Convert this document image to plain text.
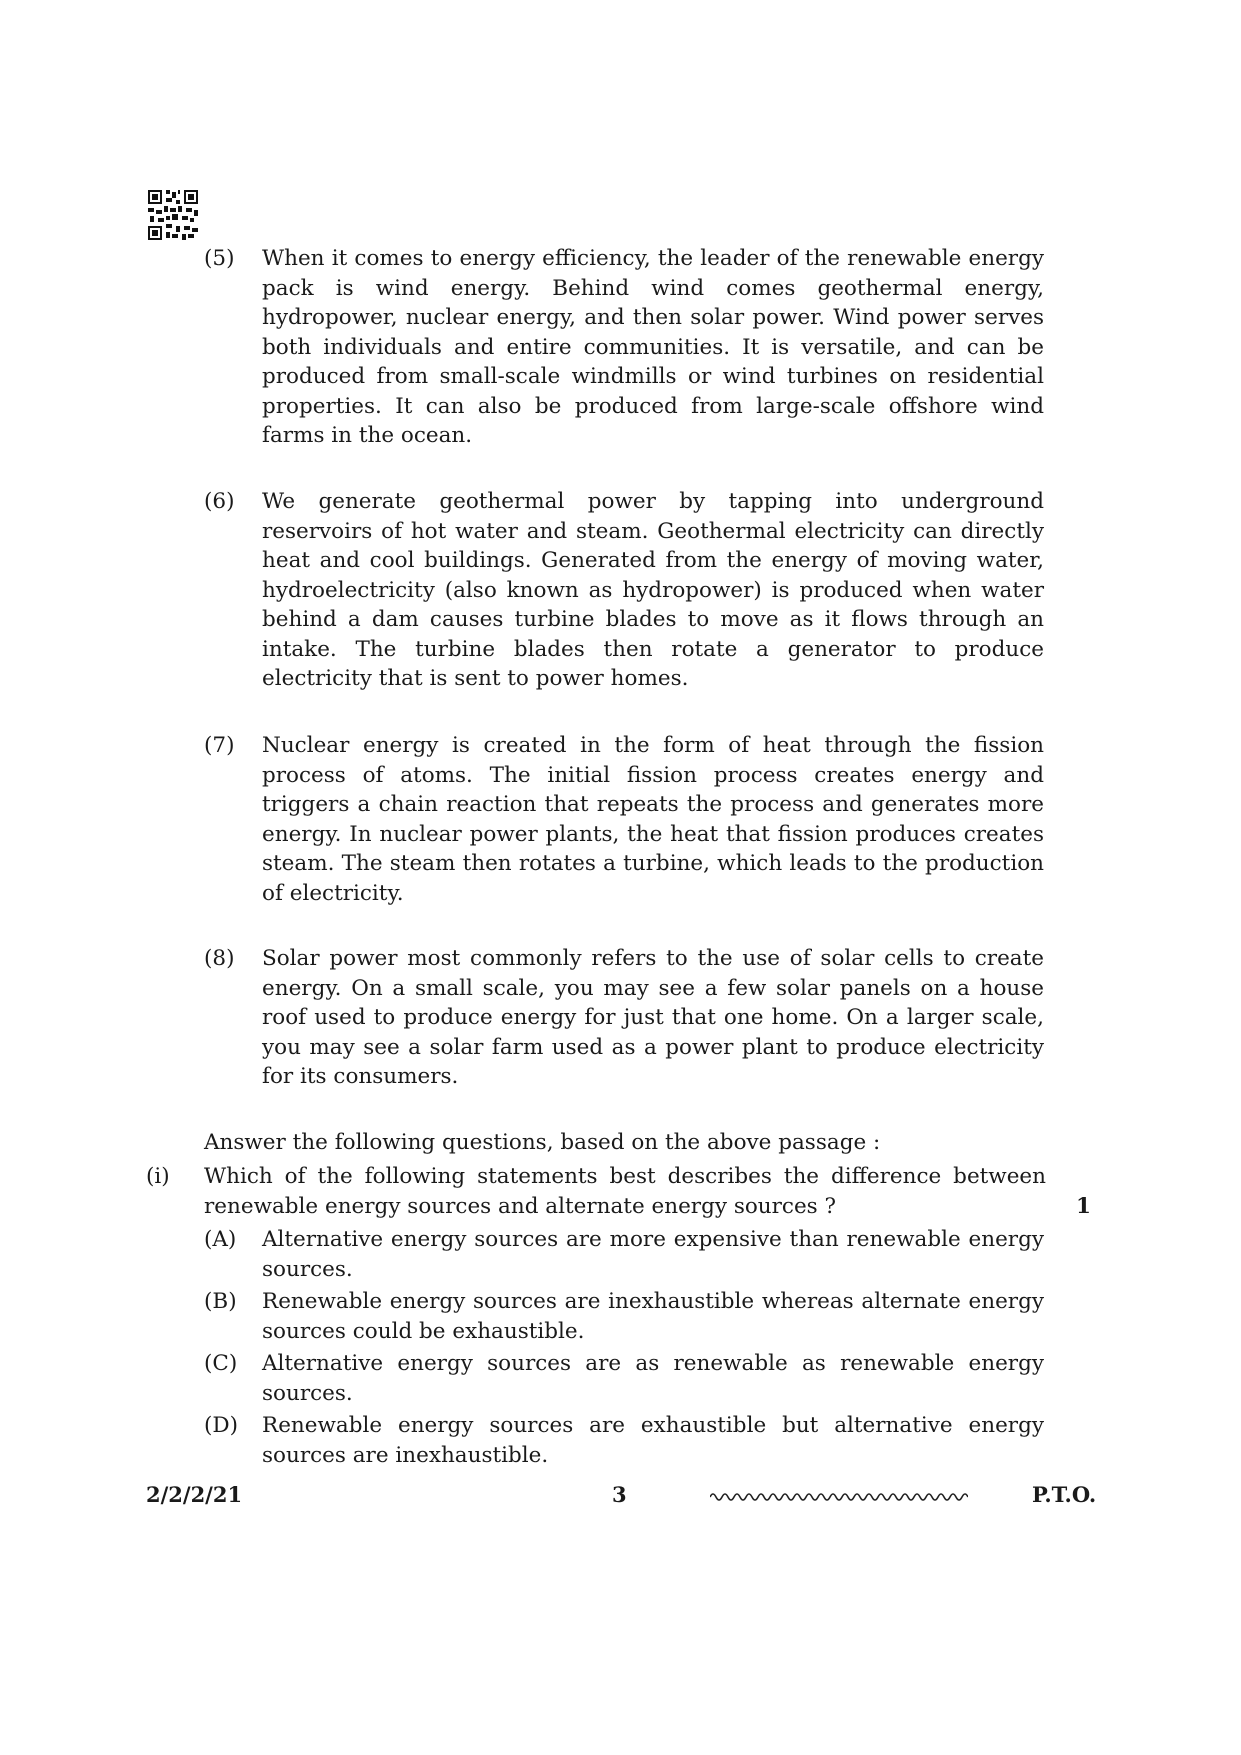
(5) When it comes to energy efficiency, the leader of the renewable energy pack is wind energy. Behind wind comes geothermal energy, hydropower, nuclear energy, and then solar power. Wind power serves both individuals and entire communities. It is versatile, and can be produced from small-scale windmills or wind turbines on residential properties. It can also be produced from large-scale offshore wind farms in the ocean.
(6) We generate geothermal power by tapping into underground reservoirs of hot water and steam. Geothermal electricity can directly heat and cool buildings. Generated from the energy of moving water, hydroelectricity (also known as hydropower) is produced when water behind a dam causes turbine blades to move as it flows through an intake. The turbine blades then rotate a generator to produce electricity that is sent to power homes.
(7) Nuclear energy is created in the form of heat through the fission process of atoms. The initial fission process creates energy and triggers a chain reaction that repeats the process and generates more energy. In nuclear power plants, the heat that fission produces creates steam. The steam then rotates a turbine, which leads to the production of electricity.
(8) Solar power most commonly refers to the use of solar cells to create energy. On a small scale, you may see a few solar panels on a house roof used to produce energy for just that one home. On a larger scale, you may see a solar farm used as a power plant to produce electricity for its consumers.
Answer the following questions, based on the above passage :
(i) Which of the following statements best describes the difference between renewable energy sources and alternate energy sources ?	1
(A) Alternative energy sources are more expensive than renewable energy sources.
(B) Renewable energy sources are inexhaustible whereas alternate energy sources could be exhaustible.
(C) Alternative energy sources are as renewable as renewable energy sources.
(D) Renewable energy sources are exhaustible but alternative energy sources are inexhaustible.
2/2/2/21	3	P.T.O.
